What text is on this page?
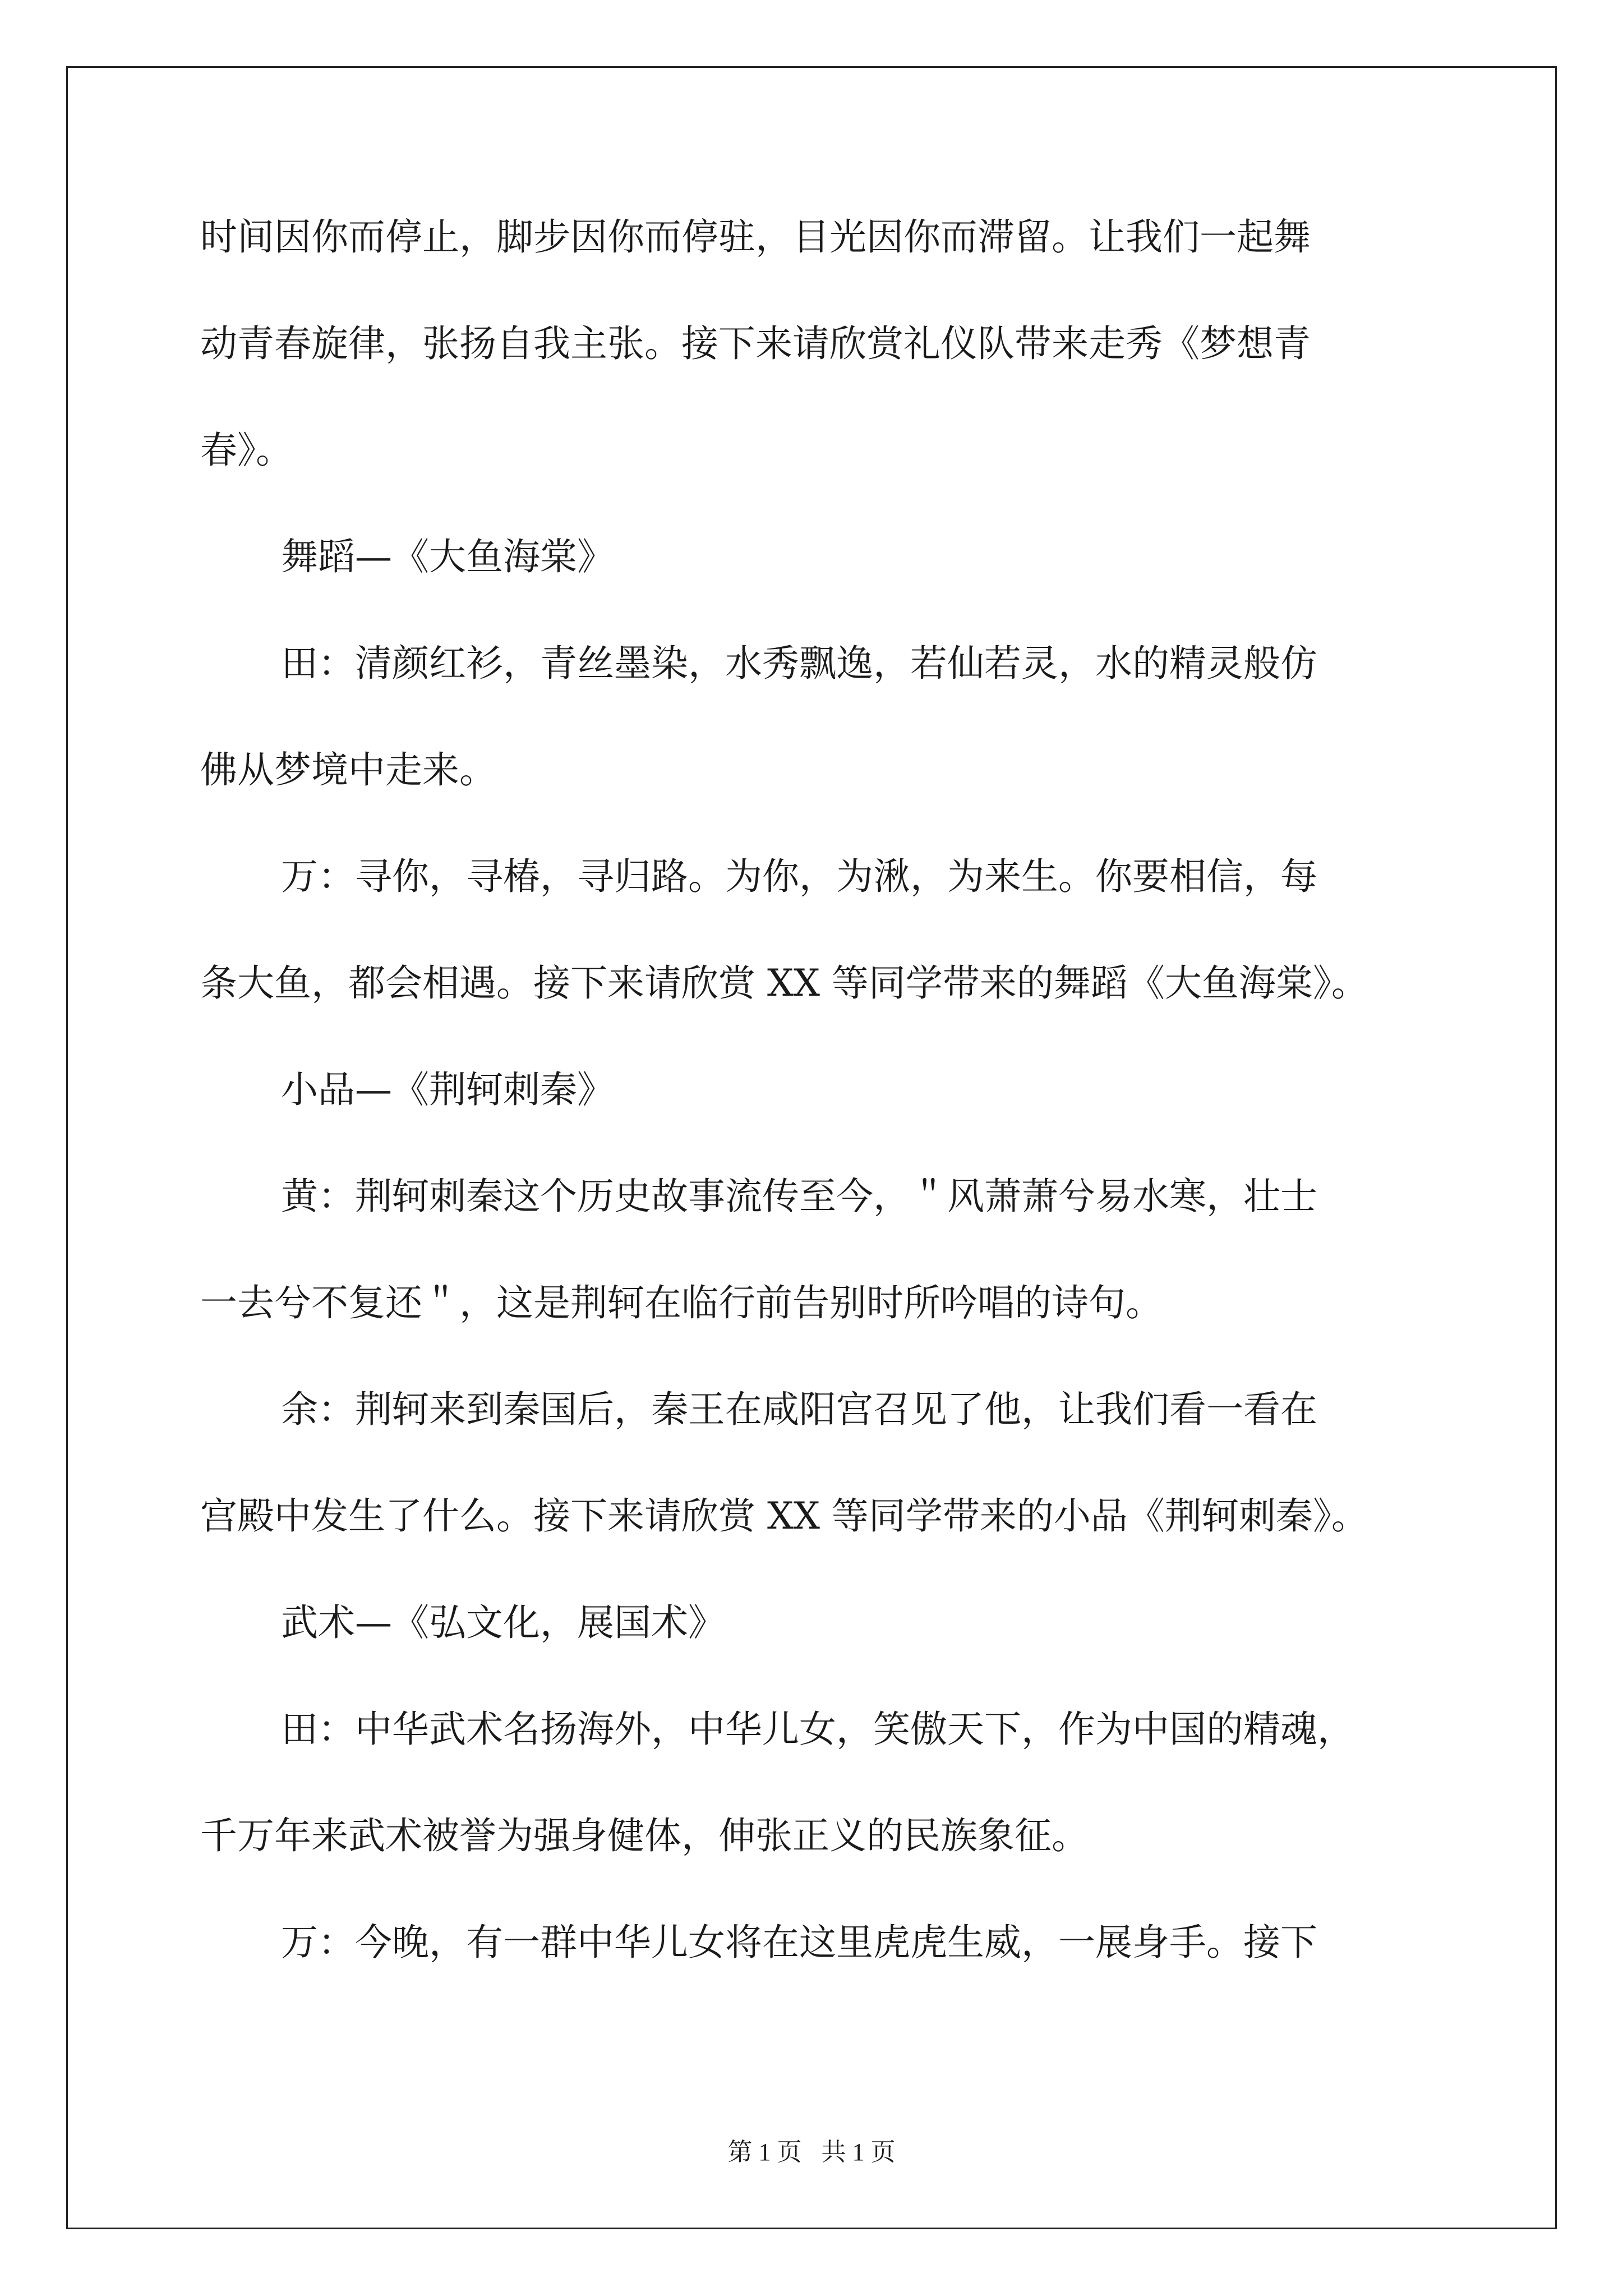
时间因你而停止，脚步因你而停驻，目光因你而滞留。让我们一起舞
动青春旋律，张扬自我主张。接下来请欣赏礼仪队带来走秀《梦想青
春》。
舞蹈—《大鱼海棠》
田：清颜红衫，青丝墨染，水秀飘逸，若仙若灵，水的精灵般仿
佛从梦境中走来。
万：寻你，寻椿，寻归路。为你，为湫，为来生。你要相信，每
条大鱼，都会相遇。接下来请欣赏 XX 等同学带来的舞蹈《大鱼海棠》。
小品—《荆轲刺秦》
黄：荆轲刺秦这个历史故事流传至今，＂风萧萧兮易水寒，壮士
一去兮不复还＂，这是荆轲在临行前告别时所吟唱的诗句。
余：荆轲来到秦国后，秦王在咸阳宫召见了他，让我们看一看在
宫殿中发生了什么。接下来请欣赏 XX 等同学带来的小品《荆轲刺秦》。
武术—《弘文化，展国术》
田：中华武术名扬海外，中华儿女，笑傲天下，作为中国的精魂，
千万年来武术被誉为强身健体，伸张正义的民族象征。
万：今晚，有一群中华儿女将在这里虎虎生威，一展身手。接下
第 1 页 共 1 页
